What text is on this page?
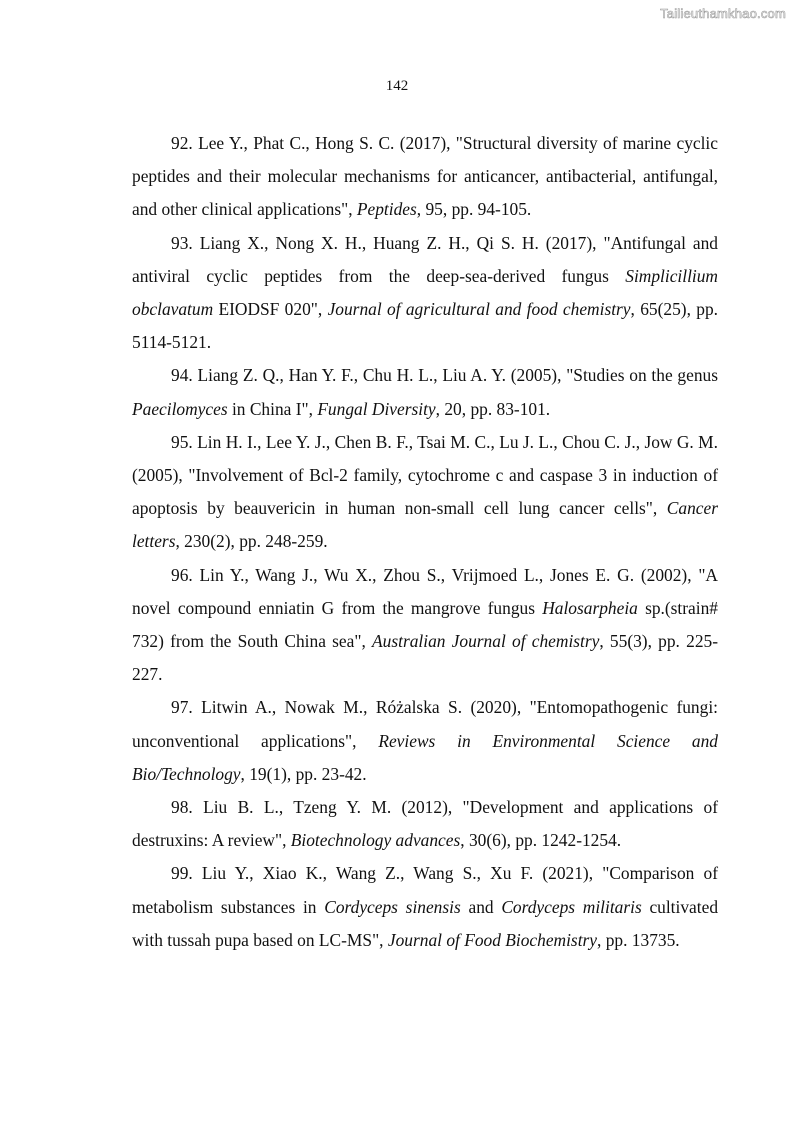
Tailieuthamkhao.com
142

92. Lee Y., Phat C., Hong S. C. (2017), "Structural diversity of marine cyclic peptides and their molecular mechanisms for anticancer, antibacterial, antifungal, and other clinical applications", Peptides, 95, pp. 94-105.

93. Liang X., Nong X. H., Huang Z. H., Qi S. H. (2017), "Antifungal and antiviral cyclic peptides from the deep-sea-derived fungus Simplicillium obclavatum EIODSF 020", Journal of agricultural and food chemistry, 65(25), pp. 5114-5121.

94. Liang Z. Q., Han Y. F., Chu H. L., Liu A. Y. (2005), "Studies on the genus Paecilomyces in China I", Fungal Diversity, 20, pp. 83-101.

95. Lin H. I., Lee Y. J., Chen B. F., Tsai M. C., Lu J. L., Chou C. J., Jow G. M. (2005), "Involvement of Bcl-2 family, cytochrome c and caspase 3 in induction of apoptosis by beauvericin in human non-small cell lung cancer cells", Cancer letters, 230(2), pp. 248-259.

96. Lin Y., Wang J., Wu X., Zhou S., Vrijmoed L., Jones E. G. (2002), "A novel compound enniatin G from the mangrove fungus Halosarpheia sp.(strain# 732) from the South China sea", Australian Journal of chemistry, 55(3), pp. 225-227.

97. Litwin A., Nowak M., Różalska S. (2020), "Entomopathogenic fungi: unconventional applications", Reviews in Environmental Science and Bio/Technology, 19(1), pp. 23-42.

98. Liu B. L., Tzeng Y. M. (2012), "Development and applications of destruxins: A review", Biotechnology advances, 30(6), pp. 1242-1254.

99. Liu Y., Xiao K., Wang Z., Wang S., Xu F. (2021), "Comparison of metabolism substances in Cordyceps sinensis and Cordyceps militaris cultivated with tussah pupa based on LC-MS", Journal of Food Biochemistry, pp. 13735.
